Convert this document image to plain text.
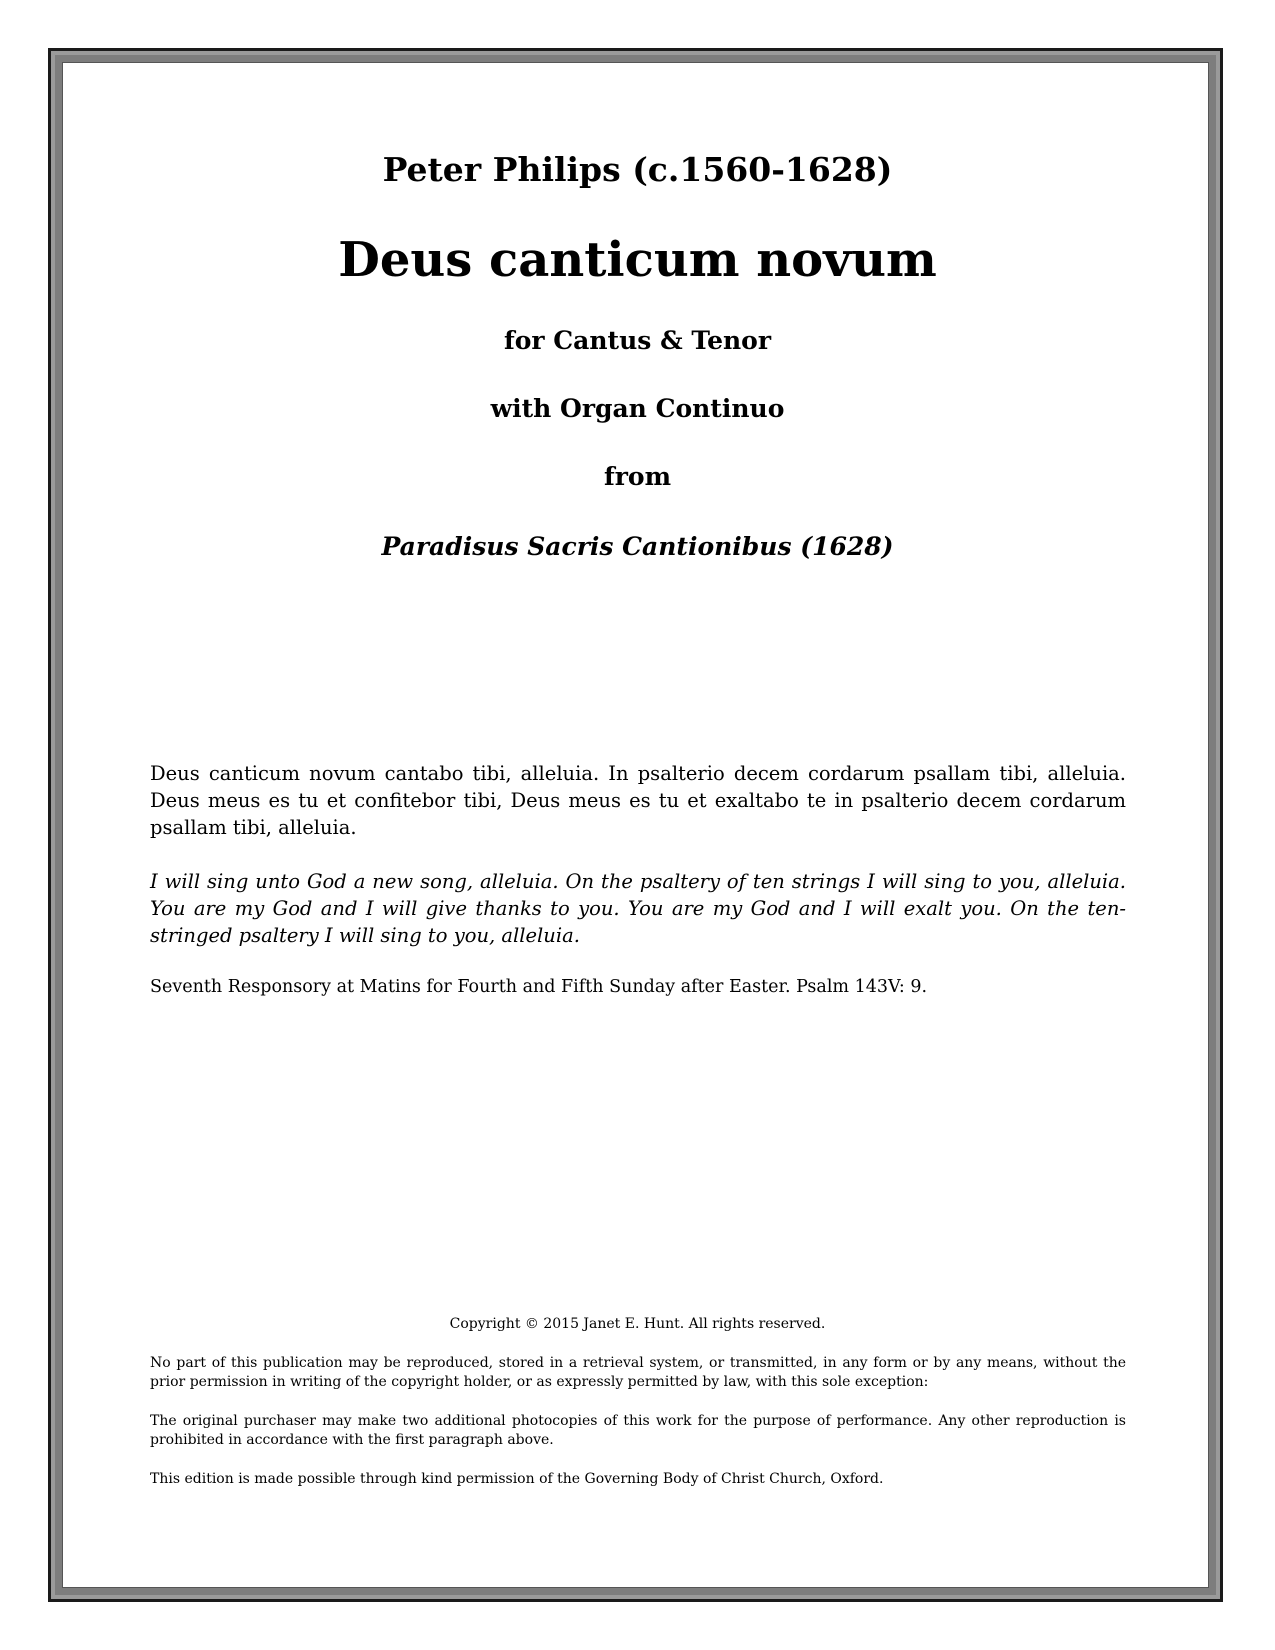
Peter Philips (c.1560-1628)
Deus canticum novum
for Cantus & Tenor
with Organ Continuo
from
Paradisus Sacris Cantionibus (1628)

Deus canticum novum cantabo tibi, alleluia. In psalterio decem cordarum psallam tibi, alleluia. Deus meus es tu et confitebor tibi, Deus meus es tu et exaltabo te in psalterio decem cordarum psallam tibi, alleluia.

I will sing unto God a new song, alleluia. On the psaltery of ten strings I will sing to you, alleluia. You are my God and I will give thanks to you. You are my God and I will exalt you. On the ten-stringed psaltery I will sing to you, alleluia.

Seventh Responsory at Matins for Fourth and Fifth Sunday after Easter. Psalm 143V: 9.

Copyright © 2015 Janet E. Hunt. All rights reserved.

No part of this publication may be reproduced, stored in a retrieval system, or transmitted, in any form or by any means, without the prior permission in writing of the copyright holder, or as expressly permitted by law, with this sole exception:

The original purchaser may make two additional photocopies of this work for the purpose of performance. Any other reproduction is prohibited in accordance with the first paragraph above.

This edition is made possible through kind permission of the Governing Body of Christ Church, Oxford.
